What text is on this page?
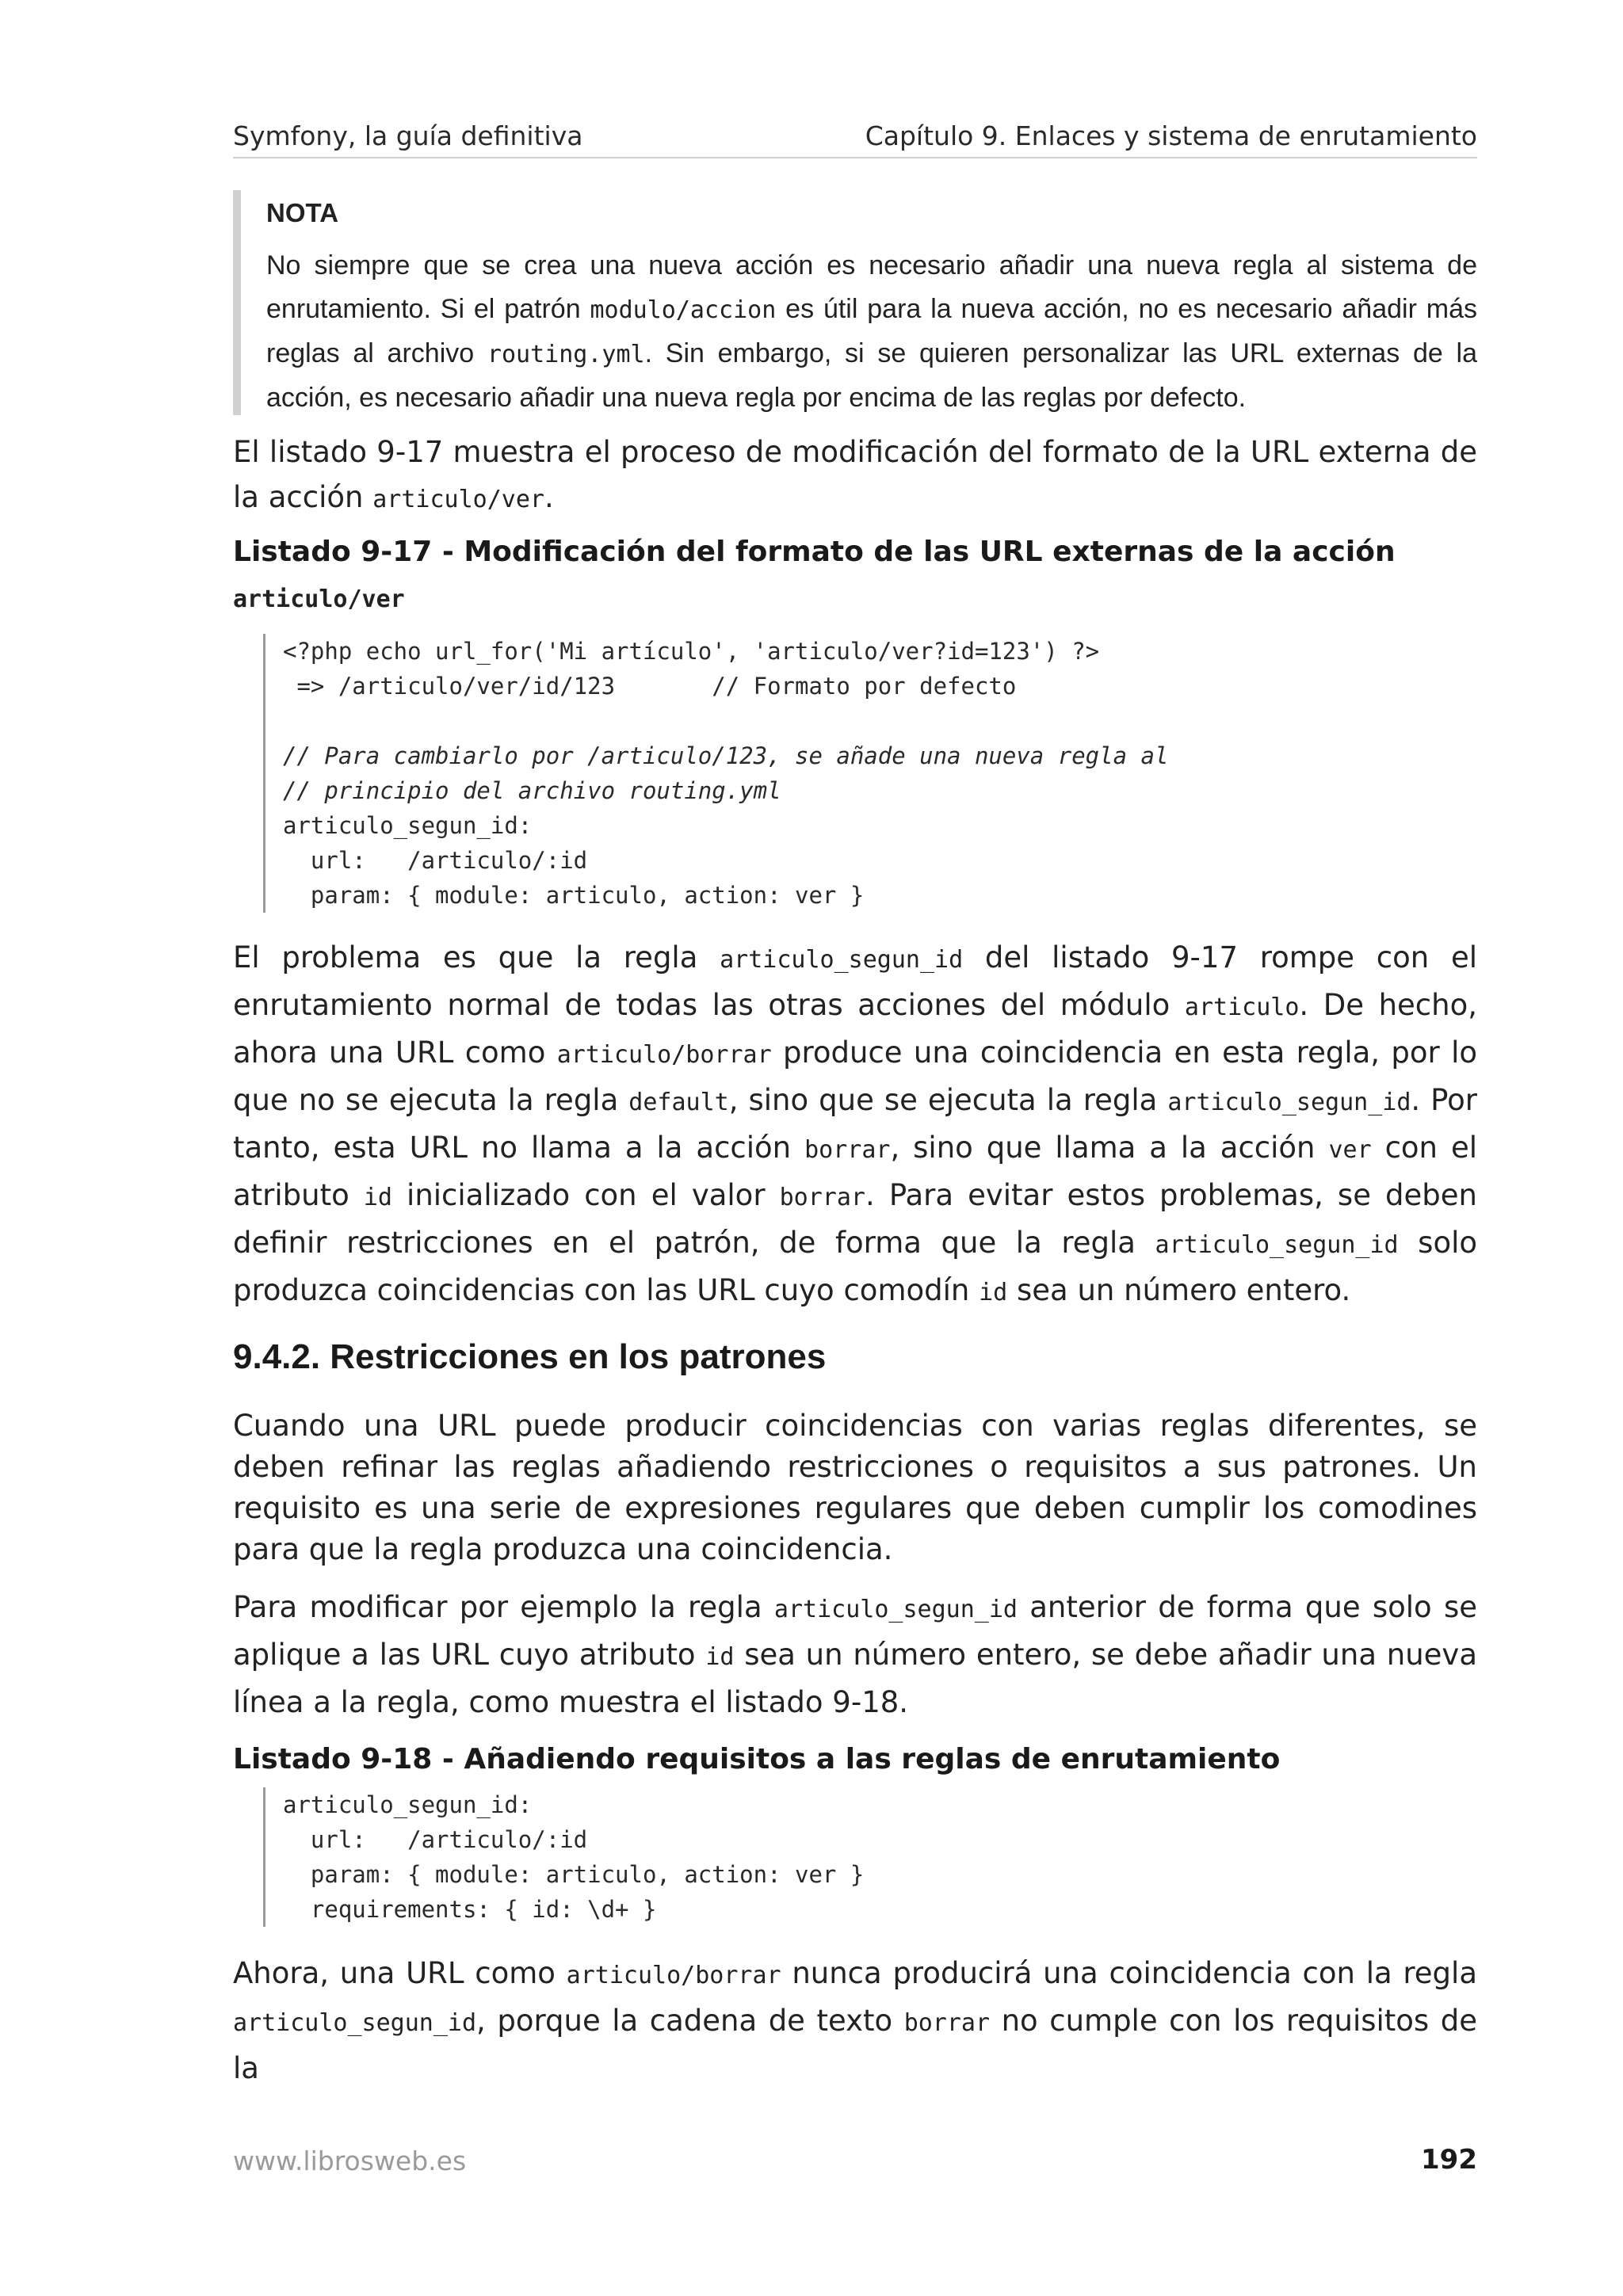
Symfony, la guía definitiva	Capítulo 9. Enlaces y sistema de enrutamiento
NOTA
No siempre que se crea una nueva acción es necesario añadir una nueva regla al sistema de enrutamiento. Si el patrón modulo/accion es útil para la nueva acción, no es necesario añadir más reglas al archivo routing.yml. Sin embargo, si se quieren personalizar las URL externas de la acción, es necesario añadir una nueva regla por encima de las reglas por defecto.
El listado 9-17 muestra el proceso de modificación del formato de la URL externa de la acción articulo/ver.
Listado 9-17 - Modificación del formato de las URL externas de la acción articulo/ver
<?php echo url_for('Mi artículo', 'articulo/ver?id=123') ?>
=> /articulo/ver/id/123       // Formato por defecto
// Para cambiarlo por /articulo/123, se añade una nueva regla al
// principio del archivo routing.yml
articulo_segun_id:
url:   /articulo/:id
param: { module: articulo, action: ver }
El problema es que la regla articulo_segun_id del listado 9-17 rompe con el enrutamiento normal de todas las otras acciones del módulo articulo. De hecho, ahora una URL como articulo/borrar produce una coincidencia en esta regla, por lo que no se ejecuta la regla default, sino que se ejecuta la regla articulo_segun_id. Por tanto, esta URL no llama a la acción borrar, sino que llama a la acción ver con el atributo id inicializado con el valor borrar. Para evitar estos problemas, se deben definir restricciones en el patrón, de forma que la regla articulo_segun_id solo produzca coincidencias con las URL cuyo comodín id sea un número entero.
9.4.2. Restricciones en los patrones
Cuando una URL puede producir coincidencias con varias reglas diferentes, se deben refinar las reglas añadiendo restricciones o requisitos a sus patrones. Un requisito es una serie de expresiones regulares que deben cumplir los comodines para que la regla produzca una coincidencia.
Para modificar por ejemplo la regla articulo_segun_id anterior de forma que solo se aplique a las URL cuyo atributo id sea un número entero, se debe añadir una nueva línea a la regla, como muestra el listado 9-18.
Listado 9-18 - Añadiendo requisitos a las reglas de enrutamiento
articulo_segun_id:
url:   /articulo/:id
param: { module: articulo, action: ver }
requirements: { id: \d+ }
Ahora, una URL como articulo/borrar nunca producirá una coincidencia con la regla articulo_segun_id, porque la cadena de texto borrar no cumple con los requisitos de la
www.librosweb.es	192
